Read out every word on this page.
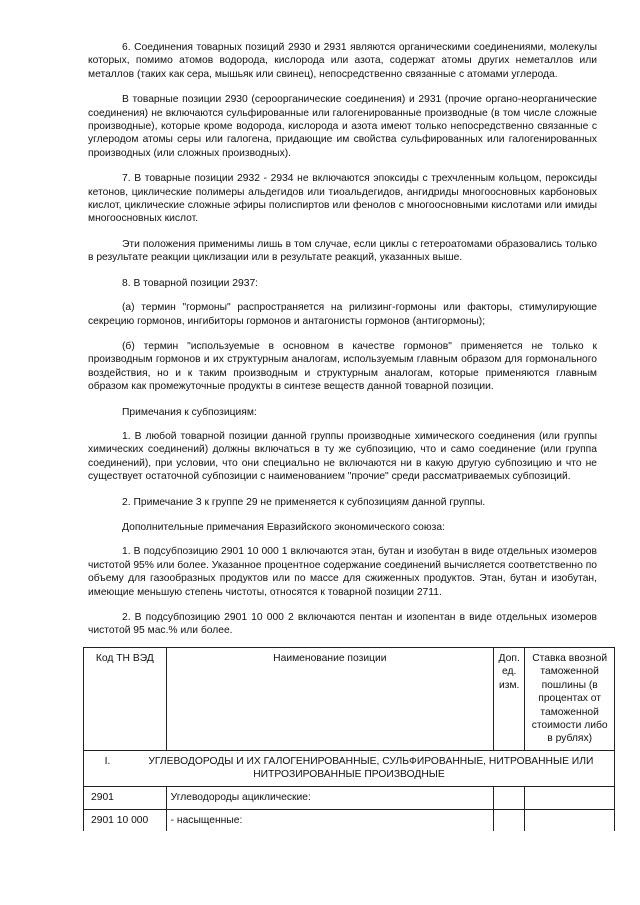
6. Соединения товарных позиций 2930 и 2931 являются органическими соединениями, молекулы которых, помимо атомов водорода, кислорода или азота, содержат атомы других неметаллов или металлов (таких как сера, мышьяк или свинец), непосредственно связанные с атомами углерода.

В товарные позиции 2930 (сероорганические соединения) и 2931 (прочие органо-неорганические соединения) не включаются сульфированные или галогенированные производные (в том числе сложные производные), которые кроме водорода, кислорода и азота имеют только непосредственно связанные с углеродом атомы серы или галогена, придающие им свойства сульфированных или галогенированных производных (или сложных производных).

7. В товарные позиции 2932 - 2934 не включаются эпоксиды с трехчленным кольцом, пероксиды кетонов, циклические полимеры альдегидов или тиоальдегидов, ангидриды многоосновных карбоновых кислот, циклические сложные эфиры полиспиртов или фенолов с многоосновными кислотами или имиды многоосновных кислот.

Эти положения применимы лишь в том случае, если циклы с гетероатомами образовались только в результате реакции циклизации или в результате реакций, указанных выше.

8. В товарной позиции 2937:

(а) термин "гормоны" распространяется на рилизинг-гормоны или факторы, стимулирующие секрецию гормонов, ингибиторы гормонов и антагонисты гормонов (антигормоны);

(б) термин "используемые в основном в качестве гормонов" применяется не только к производным гормонов и их структурным аналогам, используемым главным образом для гормонального воздействия, но и к таким производным и структурным аналогам, которые применяются главным образом как промежуточные продукты в синтезе веществ данной товарной позиции.

Примечания к субпозициям:

1. В любой товарной позиции данной группы производные химического соединения (или группы химических соединений) должны включаться в ту же субпозицию, что и само соединение (или группа соединений), при условии, что они специально не включаются ни в какую другую субпозицию и что не существует остаточной субпозиции с наименованием "прочие" среди рассматриваемых субпозиций.

2. Примечание 3 к группе 29 не применяется к субпозициям данной группы.

Дополнительные примечания Евразийского экономического союза:

1. В подсубпозицию 2901 10 000 1 включаются этан, бутан и изобутан в виде отдельных изомеров чистотой 95% или более. Указанное процентное содержание соединений вычисляется соответственно по объему для газообразных продуктов или по массе для сжиженных продуктов. Этан, бутан и изобутан, имеющие меньшую степень чистоты, относятся к товарной позиции 2711.

2. В подсубпозицию 2901 10 000 2 включаются пентан и изопентан в виде отдельных изомеров чистотой 95 мас.% или более.

Код ТН ВЭД	Наименование позиции	Доп. ед. изм.	Ставка ввозной таможенной пошлины (в процентах от таможенной стоимости либо в рублях)
I. УГЛЕВОДОРОДЫ И ИХ ГАЛОГЕНИРОВАННЫЕ, СУЛЬФИРОВАННЫЕ, НИТРОВАННЫЕ ИЛИ НИТРОЗИРОВАННЫЕ ПРОИЗВОДНЫЕ			
2901	Углеводороды ациклические:		
2901 10 000	- насыщенные:		
